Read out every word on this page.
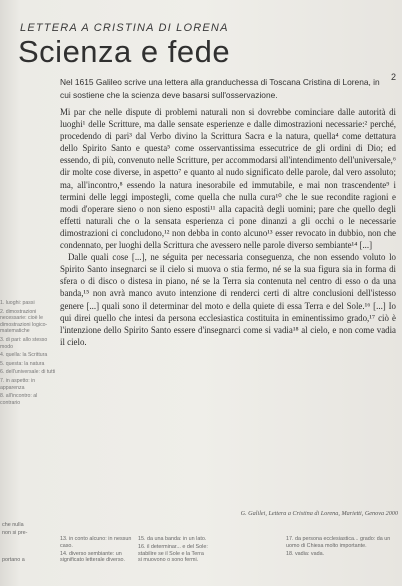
LETTERA A CRISTINA DI LORENA
Scienza e fede
2
Nel 1615 Galileo scrive una lettera alla granduchessa di Toscana Cristina di Lorena, in cui sostiene che la scienza deve basarsi sull'osservazione.

Mi par che nelle dispute di problemi naturali non si dovrebbe cominciare dalle autorità di luoghi¹ delle Scritture, ma dalle sensate esperienze e dalle dimostrazioni necessarie:² perché, procedendo di pari³ dal Verbo divino la Scrittura Sacra e la natura, quella⁴ come dettatura dello Spirito Santo e questa⁵ come osservantissima essecutrice de gli ordini di Dio; ed essendo, di più, convenuto nelle Scritture, per accommodarsi all'intendimento dell'universale,⁶ dir molte cose diverse, in aspetto⁷ e quanto al nudo significato delle parole, dal vero assoluto; ma, all'incontro,⁸ essendo la natura inesorabile ed immutabile, e mai non trascendente⁹ i termini delle leggi impostegli, come quella che nulla cura¹⁰ che le sue recondite ragioni e modi d'operare sieno o non sieno esposti¹¹ alla capacità degli uomini; pare che quello degli effetti naturali che o la sensata esperienza ci pone dinanzi a gli occhi o le necessarie dimostrazioni ci concludono,¹² non debba in conto alcuno¹³ esser revocato in dubbio, non che condennato, per luoghi della Scrittura che avessero nelle parole diverso sembiante¹⁴ [...]

Dalle quali cose [...], ne séguita per necessaria conseguenza, che non essendo voluto lo Spirito Santo insegnarci se il cielo si muova o stia fermo, né se la sua figura sia in forma di sfera o di disco o distesa in piano, né se la Terra sia contenuta nel centro di esso o da una banda,¹⁵ non avrà manco avuto intenzione di renderci certi di altre conclusioni dell'istesso genere [...] quali sono il determinar del moto e della quiete di essa Terra e del Sole.¹⁶ [...] Io qui direi quello che intesi da persona ecclesiastica costituita in eminentissimo grado,¹⁷ ciò è l'intenzione dello Spirito Santo essere d'insegnarci come si vadia¹⁸ al cielo, e non come vadia il cielo.

1. luoghi: passi
2. dimostrazioni necessarie: cioè le dimostrazioni logico-matematiche
3. di pari: allo stesso modo
4. quella: la Scrittura
5. questa: la natura
6. dell'universale: di tutti
7. in aspetto: in apparenza
8. all'incontro: al contrario
G. Galilei, Lettera a Cristina di Lorena, Marietti, Genova 2000
che nulla
non si pre-
portano a
13. in conto alcuno: in nessun caso.
14. diverso sembiante: un significato letterale diverso.
15. da una banda: in un lato.
16. il determinar... e del Sole: stabilire se il Sole e la Terra si muovono o sono fermi.
17. da persona ecclesiastica... grado: da un uomo di Chiesa molto importante.
18. vadia: vada.
